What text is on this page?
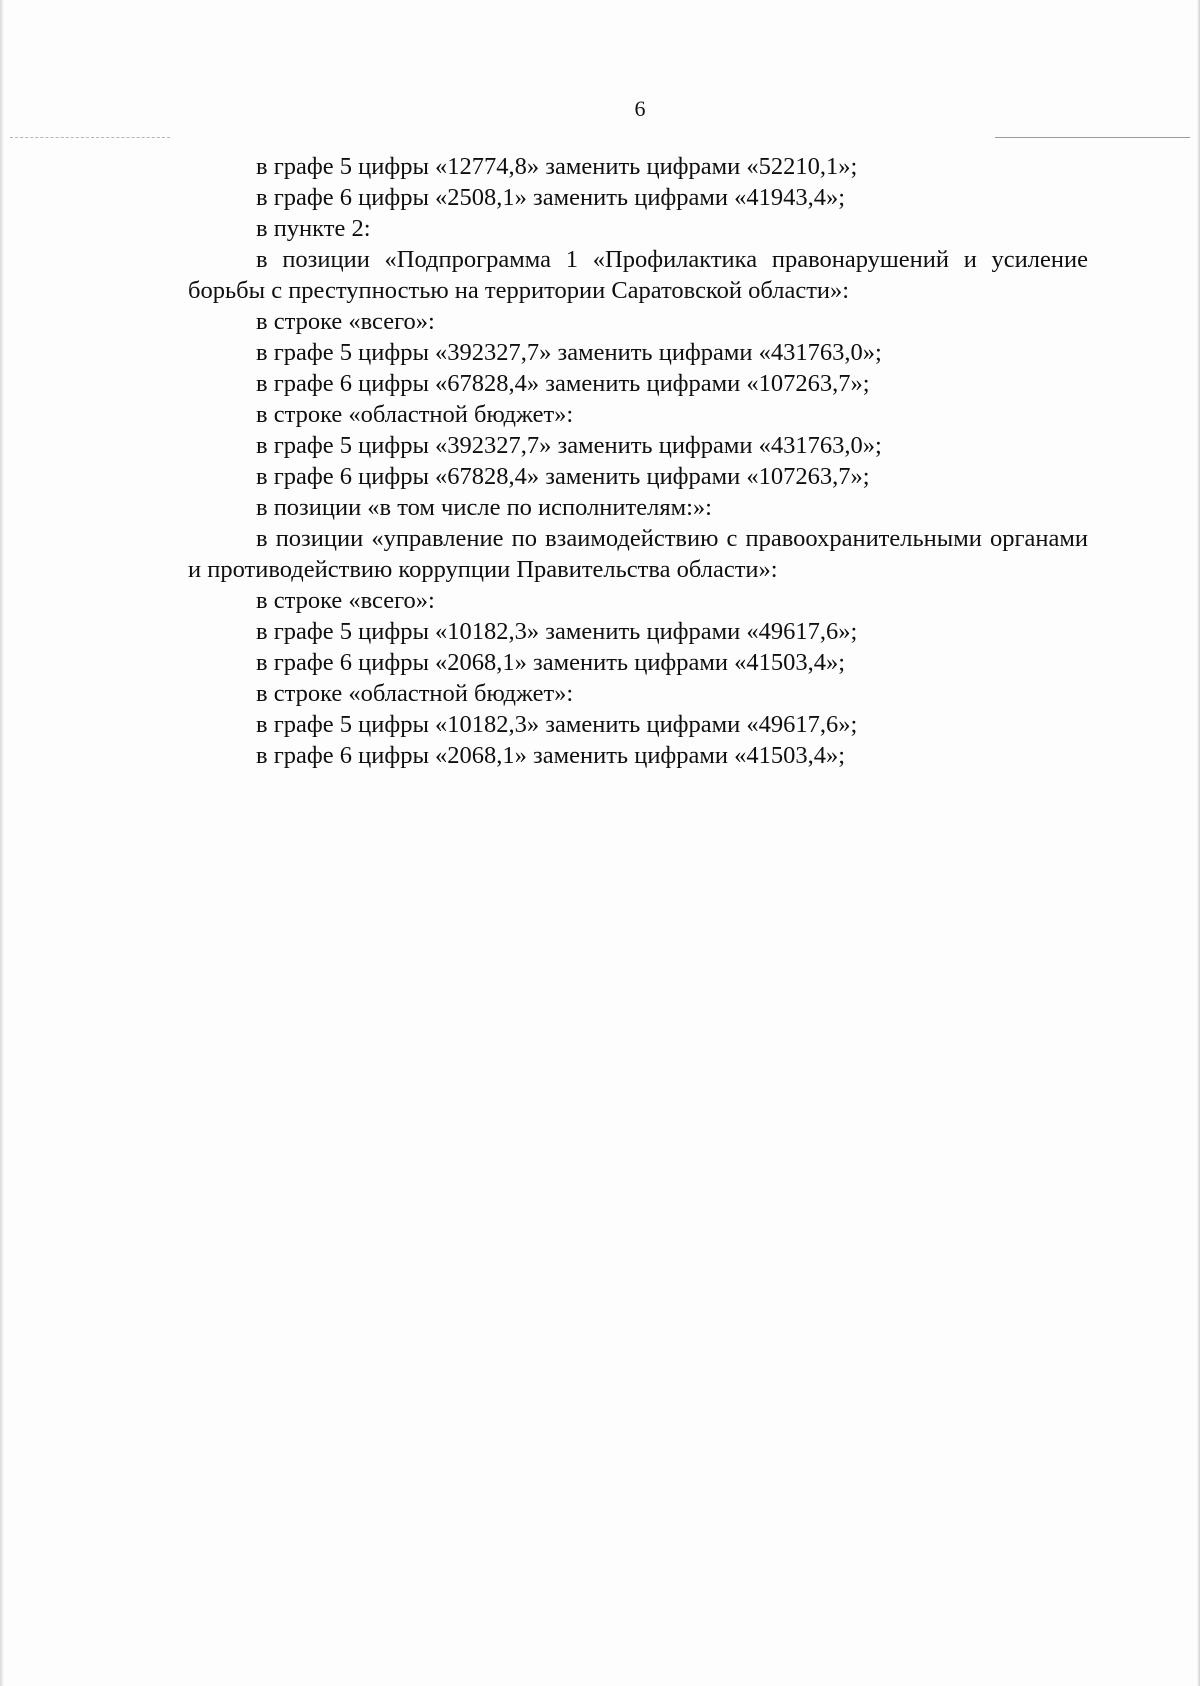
6

в графе 5 цифры «12774,8» заменить цифрами «52210,1»;

в графе 6 цифры «2508,1» заменить цифрами «41943,4»;

в пункте 2:

в позиции «Подпрограмма 1 «Профилактика правонарушений и усиление борьбы с преступностью на территории Саратовской области»:

в строке «всего»:

в графе 5 цифры «392327,7» заменить цифрами «431763,0»;

в графе 6 цифры «67828,4» заменить цифрами «107263,7»;

в строке «областной бюджет»:

в графе 5 цифры «392327,7» заменить цифрами «431763,0»;

в графе 6 цифры «67828,4» заменить цифрами «107263,7»;

в позиции «в том числе по исполнителям:»:

в позиции «управление по взаимодействию с правоохранительными органами и противодействию коррупции Правительства области»:

в строке «всего»:

в графе 5 цифры «10182,3» заменить цифрами «49617,6»;

в графе 6 цифры «2068,1» заменить цифрами «41503,4»;

в строке «областной бюджет»:

в графе 5 цифры «10182,3» заменить цифрами «49617,6»;

в графе 6 цифры «2068,1» заменить цифрами «41503,4»;
